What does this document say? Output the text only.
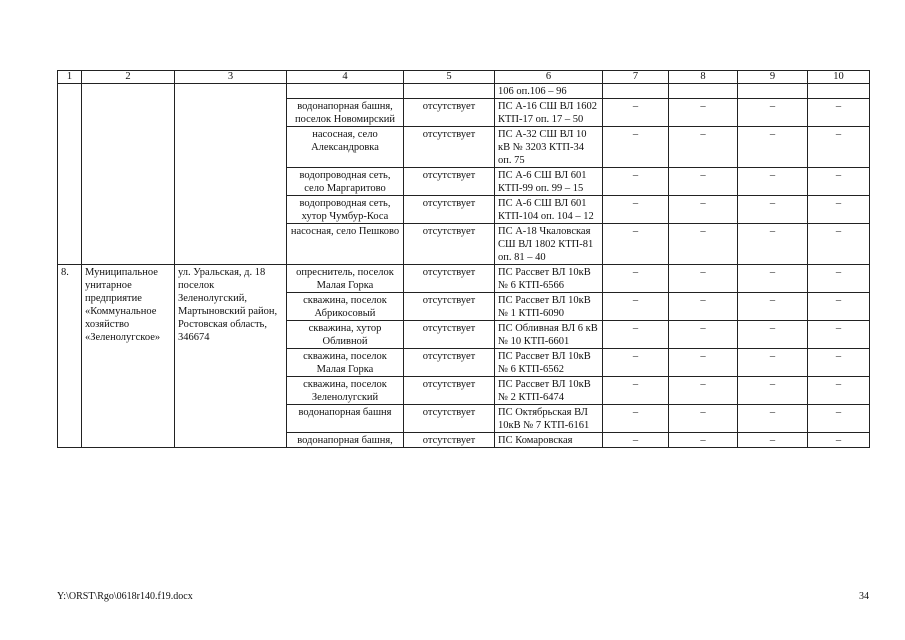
1	2	3	4	5	6	7	8	9	10
					106 оп.106 – 96				
			водонапорная башня, поселок Новомирский	отсутствует	ПС А-16 СШ ВЛ 1602 КТП-17 оп. 17 – 50	–	–	–	–
			насосная, село Александровка	отсутствует	ПС А-32 СШ ВЛ 10 кВ № 3203 КТП-34 оп. 75	–	–	–	–
			водопроводная сеть, село Маргаритово	отсутствует	ПС А-6 СШ ВЛ 601 КТП-99 оп. 99 – 15	–	–	–	–
			водопроводная сеть, хутор Чумбур-Коса	отсутствует	ПС А-6 СШ ВЛ 601 КТП-104 оп. 104 – 12	–	–	–	–
			насосная, село Пешково	отсутствует	ПС А-18 Чкаловская СШ ВЛ 1802 КТП-81 оп. 81 – 40	–	–	–	–
8.	Муниципальное унитарное предприятие «Коммунальное хозяйство «Зеленолугское»	ул. Уральская, д. 18 поселок Зеленолугский, Мартыновский район, Ростовская область, 346674	опреснитель, поселок Малая Горка	отсутствует	ПС Рассвет ВЛ 10кВ № 6 КТП-6566	–	–	–	–
			скважина, поселок Абрикосовый	отсутствует	ПС Рассвет ВЛ 10кВ № 1 КТП-6090	–	–	–	–
			скважина, хутор Обливной	отсутствует	ПС Обливная ВЛ 6 кВ № 10 КТП-6601	–	–	–	–
			скважина, поселок Малая Горка	отсутствует	ПС Рассвет ВЛ 10кВ № 6 КТП-6562	–	–	–	–
			скважина, поселок Зеленолугский	отсутствует	ПС Рассвет ВЛ 10кВ № 2 КТП-6474	–	–	–	–
			водонапорная башня	отсутствует	ПС Октябрьская ВЛ 10кВ № 7 КТП-6161	–	–	–	–
			водонапорная башня,	отсутствует	ПС Комаровская	–	–	–	–
Y:\ORST\Rgo\0618r140.f19.docx	34
